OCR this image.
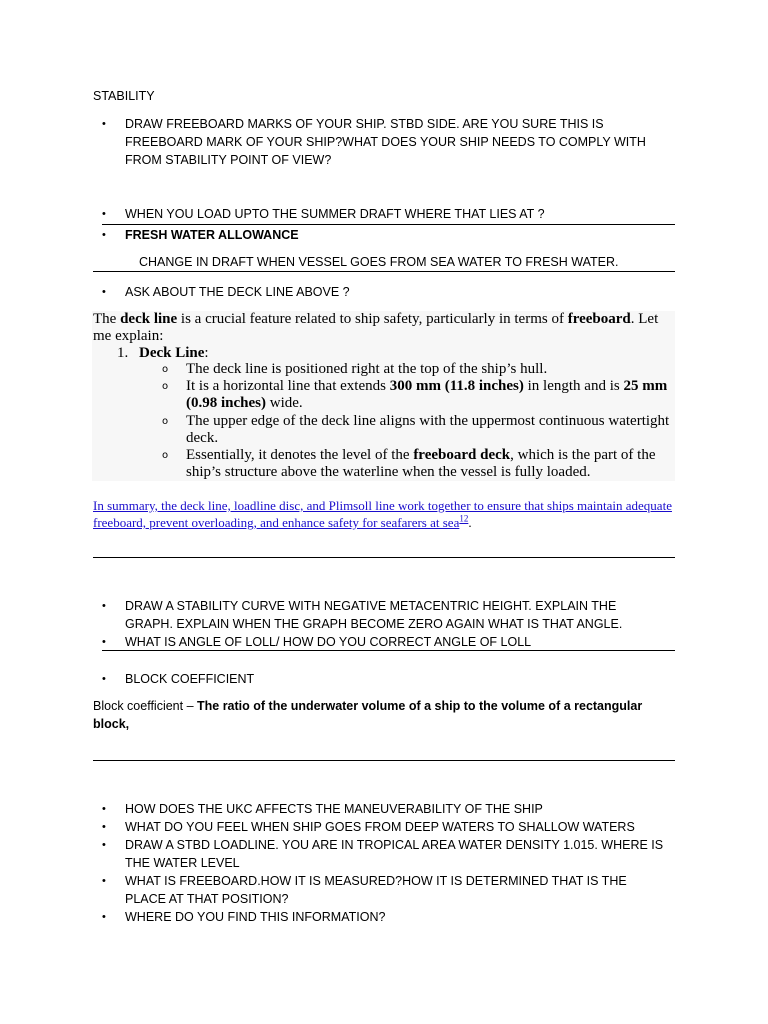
STABILITY
• DRAW FREEBOARD MARKS OF YOUR SHIP. STBD SIDE. ARE YOU SURE THIS IS FREEBOARD MARK OF YOUR SHIP?WHAT DOES YOUR SHIP NEEDS TO COMPLY WITH FROM STABILITY POINT OF VIEW?
• WHEN YOU LOAD UPTO THE SUMMER DRAFT WHERE THAT LIES AT ?
• FRESH WATER ALLOWANCE
CHANGE IN DRAFT WHEN VESSEL GOES FROM SEA WATER TO FRESH WATER.
• ASK ABOUT THE DECK LINE ABOVE ?
The deck line is a crucial feature related to ship safety, particularly in terms of freeboard. Let me explain:
1. Deck Line:
o The deck line is positioned right at the top of the ship’s hull.
o It is a horizontal line that extends 300 mm (11.8 inches) in length and is 25 mm (0.98 inches) wide.
o The upper edge of the deck line aligns with the uppermost continuous watertight deck.
o Essentially, it denotes the level of the freeboard deck, which is the part of the ship’s structure above the waterline when the vessel is fully loaded.
In summary, the deck line, loadline disc, and Plimsoll line work together to ensure that ships maintain adequate freeboard, prevent overloading, and enhance safety for seafarers at sea$^{12}$.
• DRAW A STABILITY CURVE WITH NEGATIVE METACENTRIC HEIGHT. EXPLAIN THE GRAPH. EXPLAIN WHEN THE GRAPH BECOME ZERO AGAIN WHAT IS THAT ANGLE.
• WHAT IS ANGLE OF LOLL/ HOW DO YOU CORRECT ANGLE OF LOLL
• BLOCK COEFFICIENT
Block coefficient – The ratio of the underwater volume of a ship to the volume of a rectangular block,
• HOW DOES THE UKC AFFECTS THE MANEUVERABILITY OF THE SHIP
• WHAT DO YOU FEEL WHEN SHIP GOES FROM DEEP WATERS TO SHALLOW WATERS
• DRAW A STBD LOADLINE. YOU ARE IN TROPICAL AREA WATER DENSITY 1.015. WHERE IS THE WATER LEVEL
• WHAT IS FREEBOARD.HOW IT IS MEASURED?HOW IT IS DETERMINED THAT IS THE PLACE AT THAT POSITION?
• WHERE DO YOU FIND THIS INFORMATION?
